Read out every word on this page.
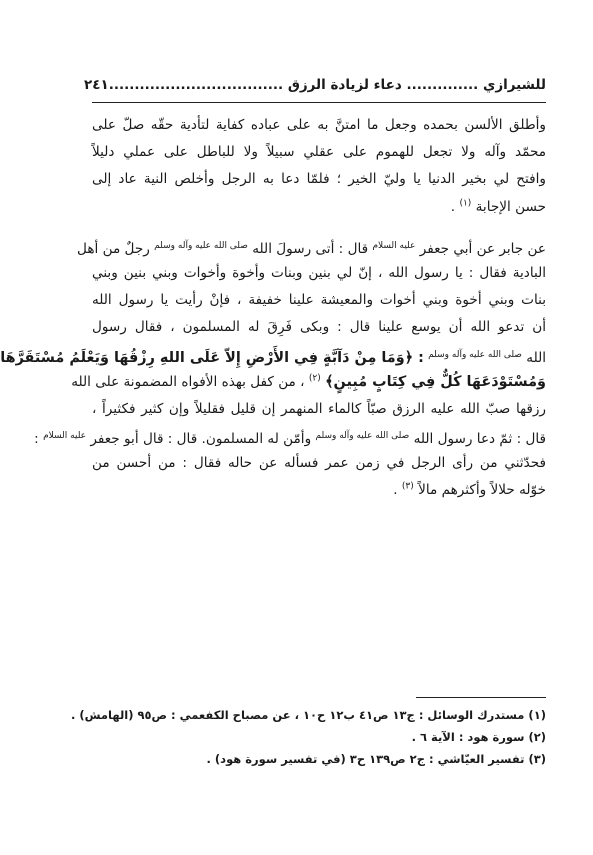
للشيرازي .............. دعاء لزيادة الرزق ..................................
٢٤١
وأطلق الألسن بحمده وجعل ما امتنَّ به على عباده كفاية لتأدية حقّه صلّ على
محمّد وآله ولا تجعل للهموم على عقلي سبيلاً ولا للباطل على عملي دليلاً
وافتح لي بخير الدنيا يا وليّ الخير ؛ فلمّا دعا به الرجل وأخلص النية عاد إلى
حسن الإجابة $^{(١)}$ .
عن جابر عن أبي جعفر $^{عليه السلام}$ قال : أتى رسولَ الله $^{صلى الله عليه وآله وسلم}$ رجلٌ من أهل
البادية فقال : يا رسول الله ، إنّ لي بنين وبنات وأخوة وأخوات وبني بنين وبني
بنات وبني أخوة وبني أخوات والمعيشة علينا خفيفة ، فإنْ رأيت يا رسول الله
أن تدعو الله أن يوسع علينا قال : وبكى فَرِقَ له المسلمون ، فقال رسول
الله $^{صلى الله عليه وآله وسلم}$ : ﴿وَمَا مِنْ دَآبَّةٍ فِي الأَرْضِ إِلاّ عَلَى اللهِ رِزْقُهَا وَيَعْلَمُ مُسْتَقَرَّهَا
وَمُسْتَوْدَعَهَا كُلٌّ فِي كِتَابٍ مُبِينٍ﴾ $^{(٢)}$ ، من كفل بهذه الأفواه المضمونة على الله
رزقها صبّ الله عليه الرزق صبّاً كالماء المنهمر إن قليل فقليلاً وإن كثير فكثيراً ،
قال : ثمّ دعا رسول الله $^{صلى الله عليه وآله وسلم}$ وأمّن له المسلمون. قال : قال أبو جعفر $^{عليه السلام}$ :
فحدّثني من رأى الرجل في زمن عمر فسأله عن حاله فقال : من أحسن من
خوّله حلالاً وأكثرهم مالاً $^{(٣)}$ .
(١) مستدرك الوسائل : ج١٣ ص٤١ ب١٢ ح١٠ ، عن مصباح الكفعمي : ص٩٥ (الهامش) .
(٢) سورة هود : الآية ٦ .
(٣) تفسير العيّاشي : ج٢ ص١٣٩ ح٣ (في تفسير سورة هود) .
